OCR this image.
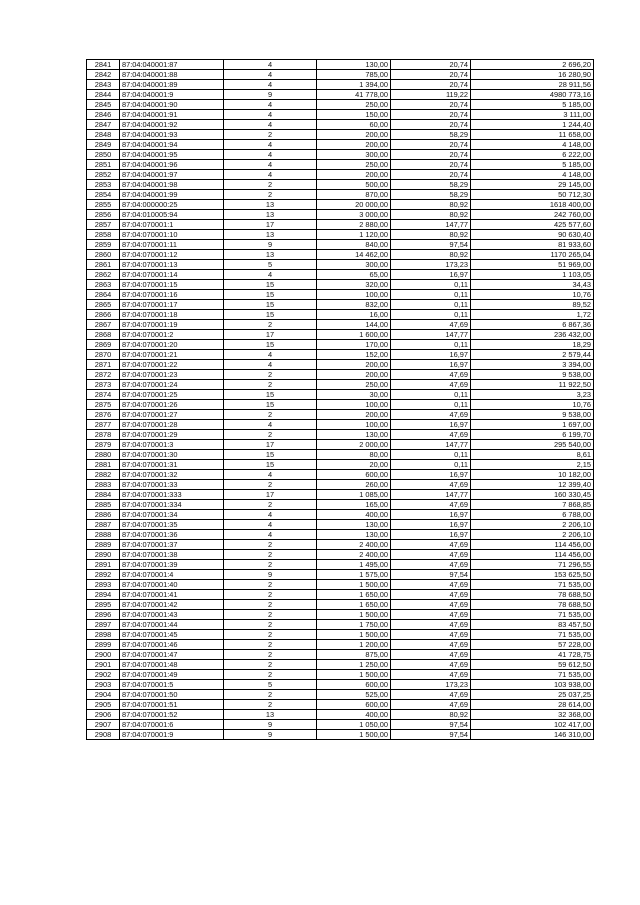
2841	87:04:040001:87	4	130,00	20,74	2 696,20
2842	87:04:040001:88	4	785,00	20,74	16 280,90
2843	87:04:040001:89	4	1 394,00	20,74	28 911,56
2844	87:04:040001:9	9	41 778,00	119,22	4980 773,16
2845	87:04:040001:90	4	250,00	20,74	5 185,00
2846	87:04:040001:91	4	150,00	20,74	3 111,00
2847	87:04:040001:92	4	60,00	20,74	1 244,40
2848	87:04:040001:93	2	200,00	58,29	11 658,00
2849	87:04:040001:94	4	200,00	20,74	4 148,00
2850	87:04:040001:95	4	300,00	20,74	6 222,00
2851	87:04:040001:96	4	250,00	20,74	5 185,00
2852	87:04:040001:97	4	200,00	20,74	4 148,00
2853	87:04:040001:98	2	500,00	58,29	29 145,00
2854	87:04:040001:99	2	870,00	58,29	50 712,30
2855	87:04:000000:25	13	20 000,00	80,92	1618 400,00
2856	87:04:010005:94	13	3 000,00	80,92	242 760,00
2857	87:04:070001:1	17	2 880,00	147,77	425 577,60
2858	87:04:070001:10	13	1 120,00	80,92	90 630,40
2859	87:04:070001:11	9	840,00	97,54	81 933,60
2860	87:04:070001:12	13	14 462,00	80,92	1170 265,04
2861	87:04:070001:13	5	300,00	173,23	51 969,00
2862	87:04:070001:14	4	65,00	16,97	1 103,05
2863	87:04:070001:15	15	320,00	0,11	34,43
2864	87:04:070001:16	15	100,00	0,11	10,76
2865	87:04:070001:17	15	832,00	0,11	89,52
2866	87:04:070001:18	15	16,00	0,11	1,72
2867	87:04:070001:19	2	144,00	47,69	6 867,36
2868	87:04:070001:2	17	1 600,00	147,77	236 432,00
2869	87:04:070001:20	15	170,00	0,11	18,29
2870	87:04:070001:21	4	152,00	16,97	2 579,44
2871	87:04:070001:22	4	200,00	16,97	3 394,00
2872	87:04:070001:23	2	200,00	47,69	9 538,00
2873	87:04:070001:24	2	250,00	47,69	11 922,50
2874	87:04:070001:25	15	30,00	0,11	3,23
2875	87:04:070001:26	15	100,00	0,11	10,76
2876	87:04:070001:27	2	200,00	47,69	9 538,00
2877	87:04:070001:28	4	100,00	16,97	1 697,00
2878	87:04:070001:29	2	130,00	47,69	6 199,70
2879	87:04:070001:3	17	2 000,00	147,77	295 540,00
2880	87:04:070001:30	15	80,00	0,11	8,61
2881	87:04:070001:31	15	20,00	0,11	2,15
2882	87:04:070001:32	4	600,00	16,97	10 182,00
2883	87:04:070001:33	2	260,00	47,69	12 399,40
2884	87:04:070001:333	17	1 085,00	147,77	160 330,45
2885	87:04:070001:334	2	165,00	47,69	7 868,85
2886	87:04:070001:34	4	400,00	16,97	6 788,00
2887	87:04:070001:35	4	130,00	16,97	2 206,10
2888	87:04:070001:36	4	130,00	16,97	2 206,10
2889	87:04:070001:37	2	2 400,00	47,69	114 456,00
2890	87:04:070001:38	2	2 400,00	47,69	114 456,00
2891	87:04:070001:39	2	1 495,00	47,69	71 296,55
2892	87:04:070001:4	9	1 575,00	97,54	153 625,50
2893	87:04:070001:40	2	1 500,00	47,69	71 535,00
2894	87:04:070001:41	2	1 650,00	47,69	78 688,50
2895	87:04:070001:42	2	1 650,00	47,69	78 688,50
2896	87:04:070001:43	2	1 500,00	47,69	71 535,00
2897	87:04:070001:44	2	1 750,00	47,69	83 457,50
2898	87:04:070001:45	2	1 500,00	47,69	71 535,00
2899	87:04:070001:46	2	1 200,00	47,69	57 228,00
2900	87:04:070001:47	2	875,00	47,69	41 728,75
2901	87:04:070001:48	2	1 250,00	47,69	59 612,50
2902	87:04:070001:49	2	1 500,00	47,69	71 535,00
2903	87:04:070001:5	5	600,00	173,23	103 938,00
2904	87:04:070001:50	2	525,00	47,69	25 037,25
2905	87:04:070001:51	2	600,00	47,69	28 614,00
2906	87:04:070001:52	13	400,00	80,92	32 368,00
2907	87:04:070001:6	9	1 050,00	97,54	102 417,00
2908	87:04:070001:9	9	1 500,00	97,54	146 310,00
